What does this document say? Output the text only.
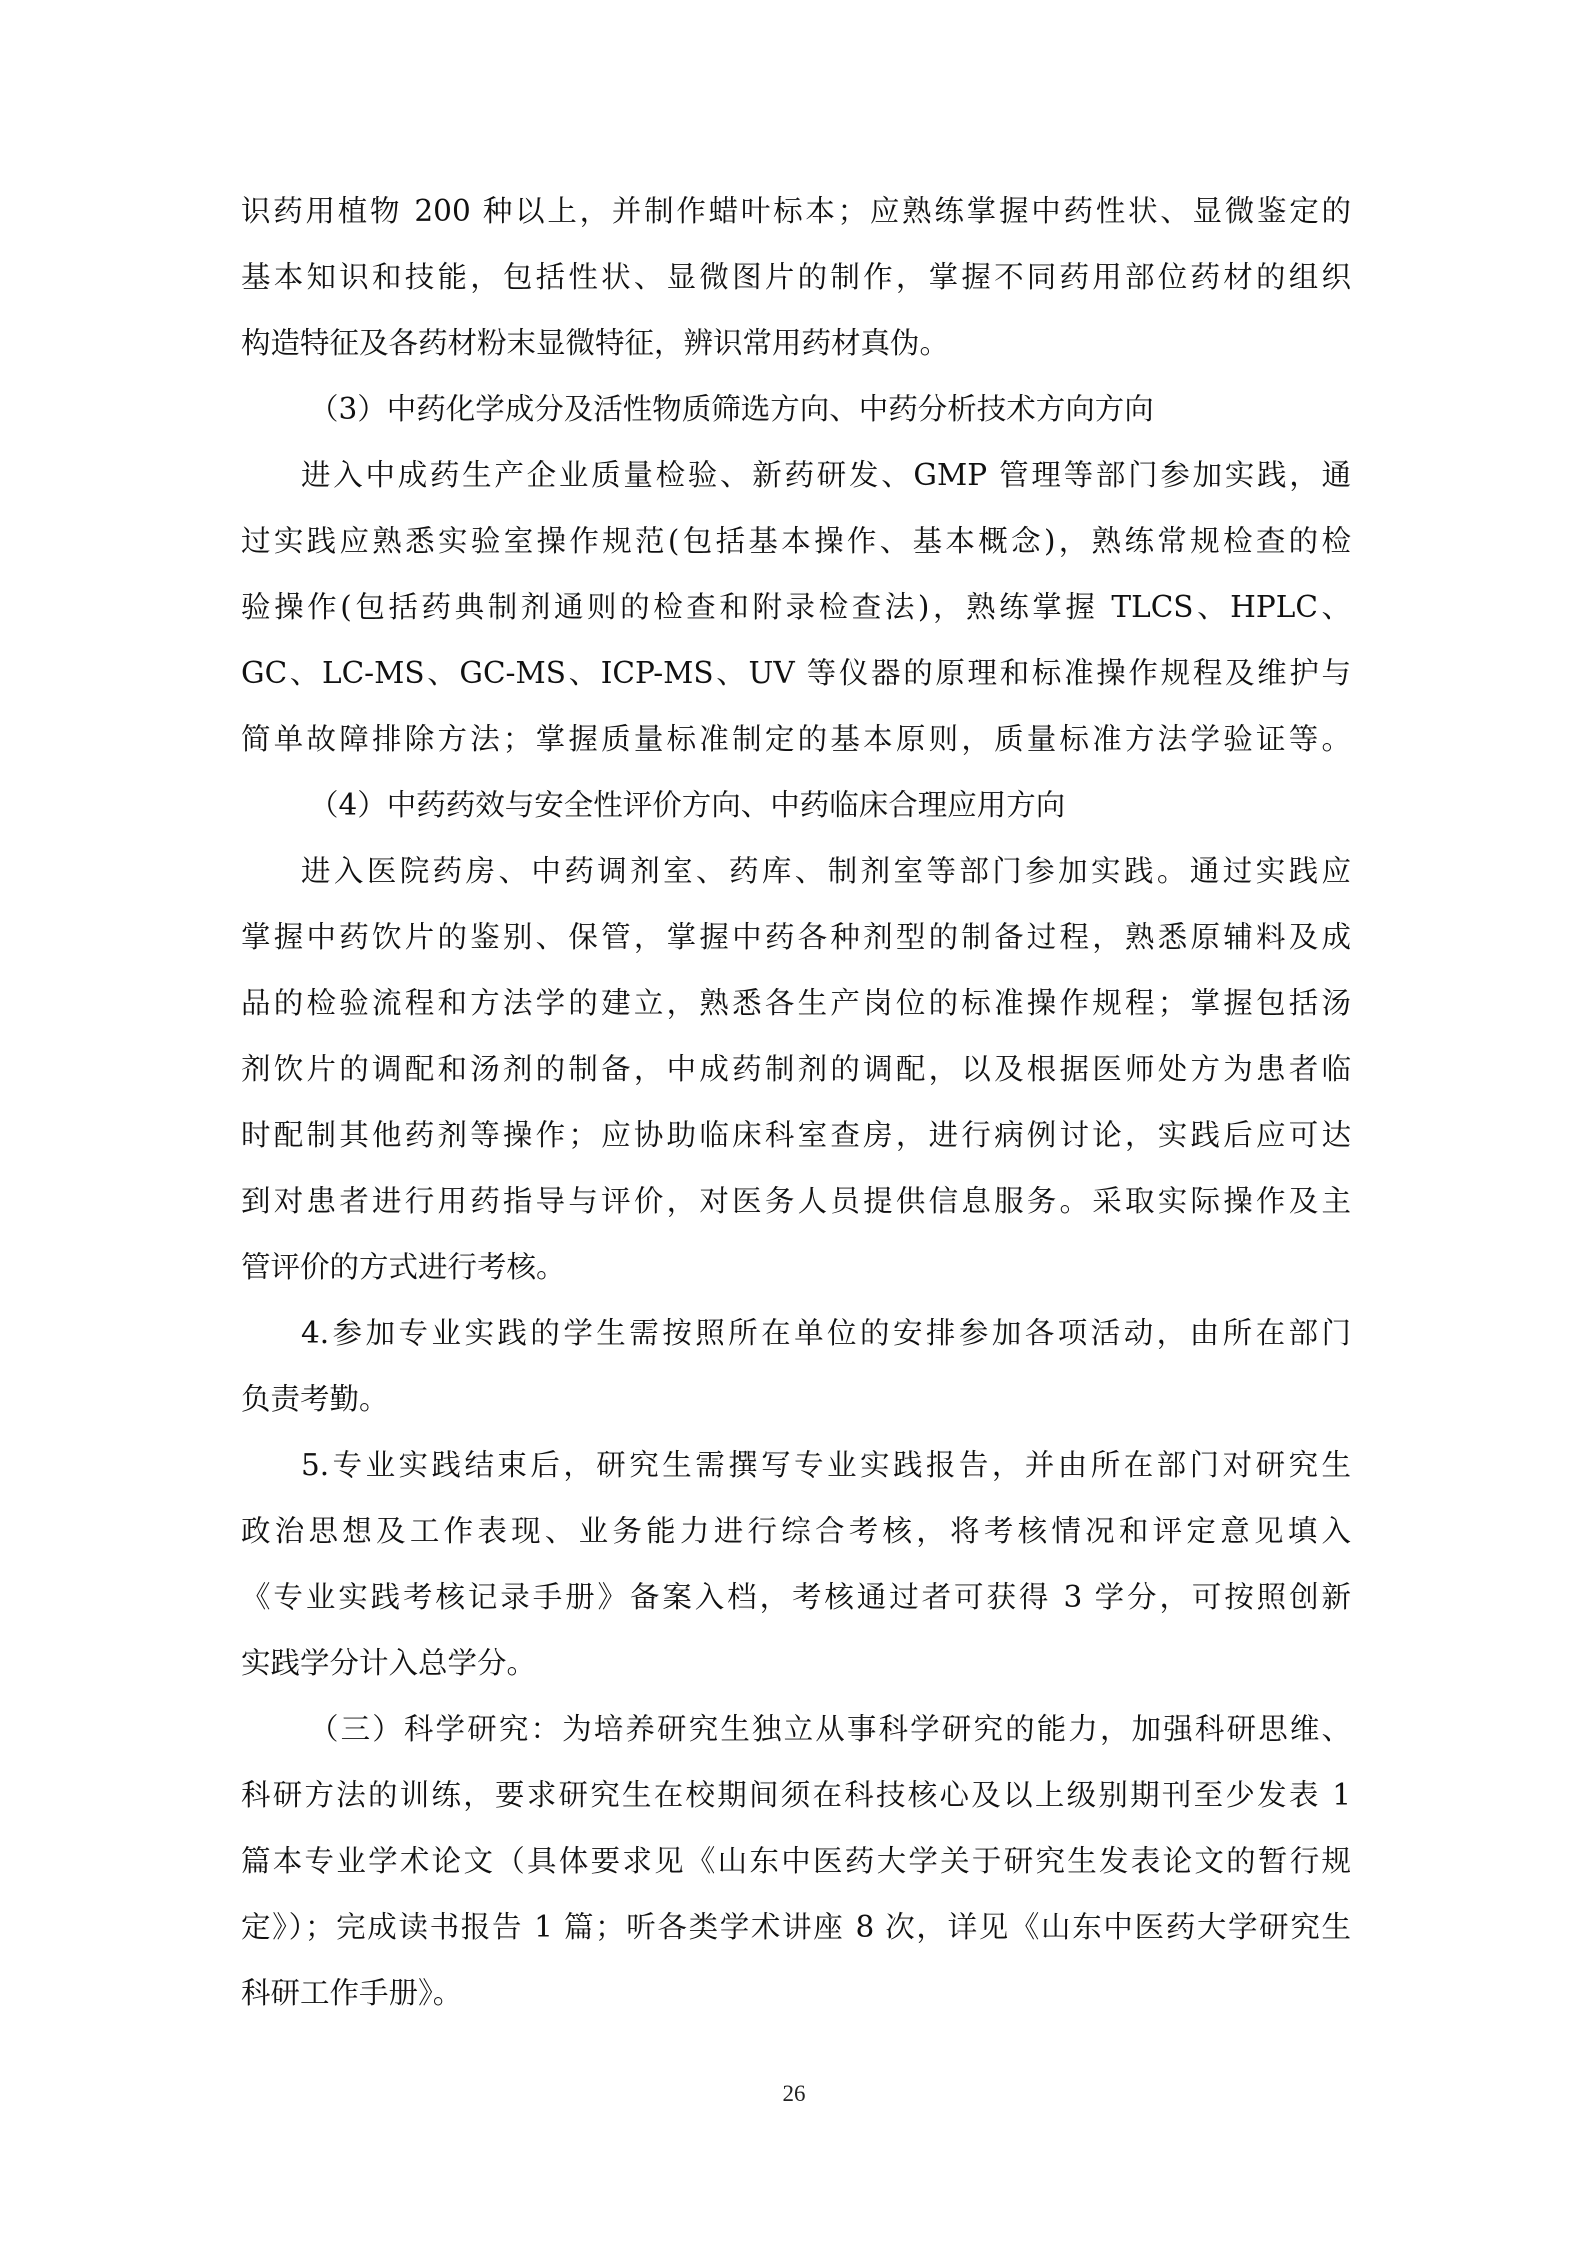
识药用植物 200 种以上，并制作蜡叶标本；应熟练掌握中药性状、显微鉴定的
基本知识和技能，包括性状、显微图片的制作，掌握不同药用部位药材的组织
构造特征及各药材粉末显微特征，辨识常用药材真伪。
（3）中药化学成分及活性物质筛选方向、中药分析技术方向方向
进入中成药生产企业质量检验、新药研发、GMP 管理等部门参加实践，通
过实践应熟悉实验室操作规范(包括基本操作、基本概念)，熟练常规检查的检
验操作(包括药典制剂通则的检查和附录检查法)，熟练掌握 TLCS、HPLC、
GC、LC-MS、GC-MS、ICP-MS、UV 等仪器的原理和标准操作规程及维护与
简单故障排除方法；掌握质量标准制定的基本原则，质量标准方法学验证等。
（4）中药药效与安全性评价方向、中药临床合理应用方向
进入医院药房、中药调剂室、药库、制剂室等部门参加实践。通过实践应
掌握中药饮片的鉴别、保管，掌握中药各种剂型的制备过程，熟悉原辅料及成
品的检验流程和方法学的建立，熟悉各生产岗位的标准操作规程；掌握包括汤
剂饮片的调配和汤剂的制备，中成药制剂的调配，以及根据医师处方为患者临
时配制其他药剂等操作；应协助临床科室查房，进行病例讨论，实践后应可达
到对患者进行用药指导与评价，对医务人员提供信息服务。采取实际操作及主
管评价的方式进行考核。
4.参加专业实践的学生需按照所在单位的安排参加各项活动，由所在部门
负责考勤。
5.专业实践结束后，研究生需撰写专业实践报告，并由所在部门对研究生
政治思想及工作表现、业务能力进行综合考核，将考核情况和评定意见填入
《专业实践考核记录手册》备案入档，考核通过者可获得 3 学分，可按照创新
实践学分计入总学分。
（三）科学研究：为培养研究生独立从事科学研究的能力，加强科研思维、
科研方法的训练，要求研究生在校期间须在科技核心及以上级别期刊至少发表 1
篇本专业学术论文（具体要求见《山东中医药大学关于研究生发表论文的暂行规
定》）；完成读书报告 1 篇；听各类学术讲座 8 次，详见《山东中医药大学研究生
科研工作手册》。
26
